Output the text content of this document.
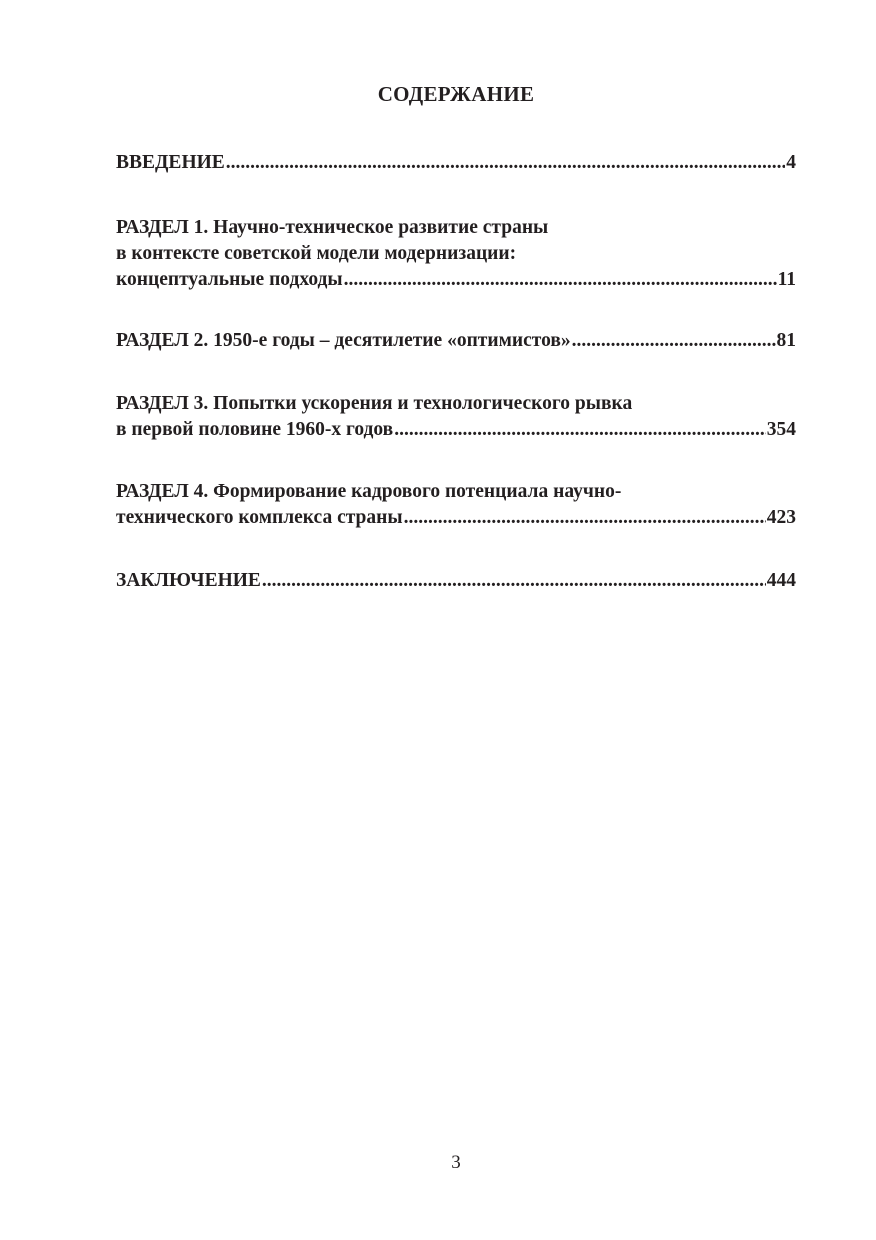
СОДЕРЖАНИЕ
ВВЕДЕНИЕ .....	4
РАЗДЕЛ 1. Научно-техническое развитие страны
в контексте советской модели модернизации:
концептуальные подходы .....	11
РАЗДЕЛ 2. 1950-е годы – десятилетие «оптимистов» .....	81
РАЗДЕЛ 3. Попытки ускорения и технологического рывка
в первой половине 1960-х годов .....	354
РАЗДЕЛ 4. Формирование кадрового потенциала научно-
технического комплекса страны .....	423
ЗАКЛЮЧЕНИЕ .....	444
3
